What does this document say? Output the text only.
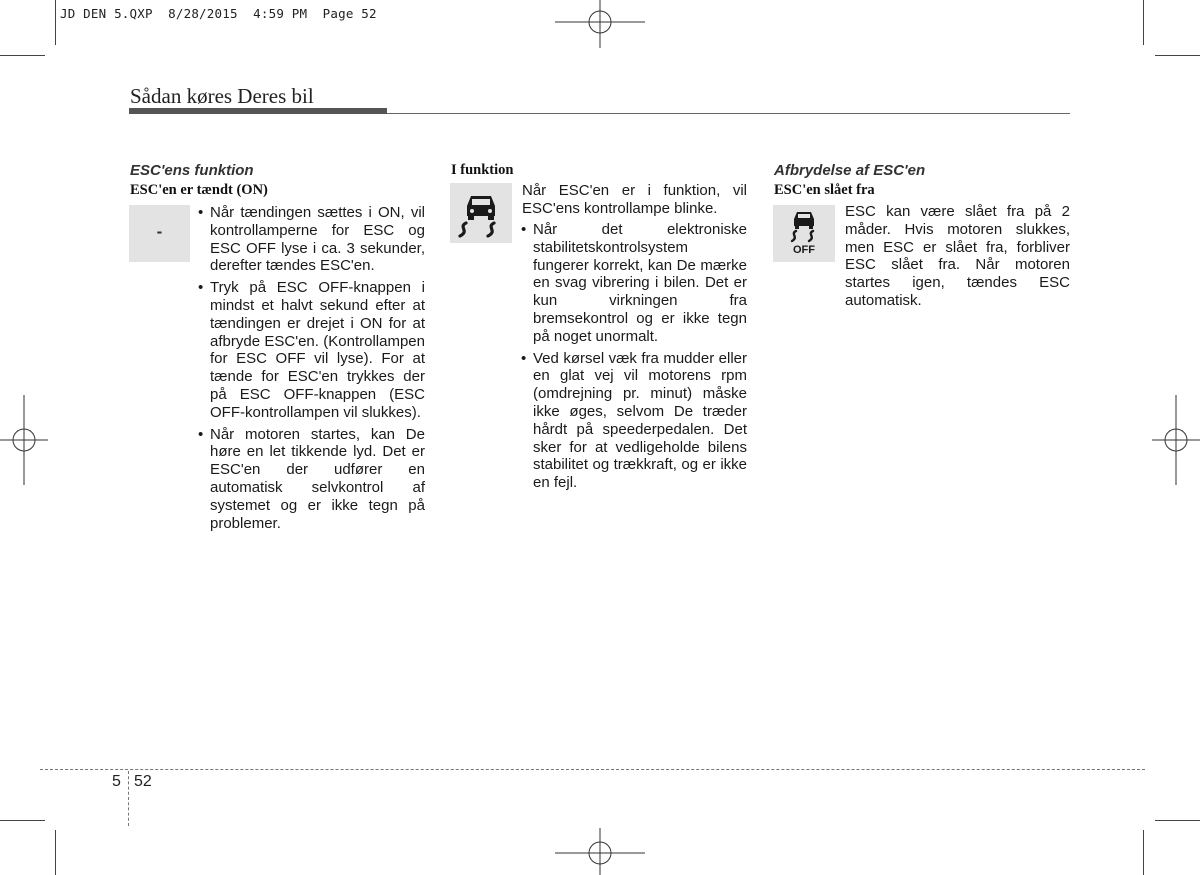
JD DEN 5.QXP  8/28/2015  4:59 PM  Page 52
Sådan køres Deres bil
ESC'ens funktion
ESC'en er tændt (ON)
-
• Når tændingen sættes i ON, vil kontrollamperne for ESC og ESC OFF lyse i ca. 3 sekunder, derefter tændes ESC'en.
• Tryk på ESC OFF-knappen i mindst et halvt sekund efter at tændingen er drejet i ON for at afbryde ESC'en. (Kontrollampen for ESC OFF vil lyse). For at tænde for ESC'en trykkes der på ESC OFF-knappen (ESC OFF-kontrollampen vil slukkes).
• Når motoren startes, kan De høre en let tikkende lyd. Det er ESC'en der udfører en automatisk selvkontrol af systemet og er ikke tegn på problemer.
I funktion
Når ESC'en er i funktion, vil ESC'ens kontrollampe blinke.
• Når det elektroniske stabilitetskontrolsystem fungerer korrekt, kan De mærke en svag vibrering i bilen. Det er kun virkningen fra bremsekontrol og er ikke tegn på noget unormalt.
• Ved kørsel væk fra mudder eller en glat vej vil motorens rpm (omdrejning pr. minut) måske ikke øges, selvom De træder hårdt på speederpedalen. Det sker for at vedligeholde bilens stabilitet og trækkraft, og er ikke en fejl.
Afbrydelse af ESC'en
ESC'en slået fra
OFF
ESC kan være slået fra på 2 måder. Hvis motoren slukkes, men ESC er slået fra, forbliver ESC slået fra. Når motoren startes igen, tændes ESC automatisk.
5 52
